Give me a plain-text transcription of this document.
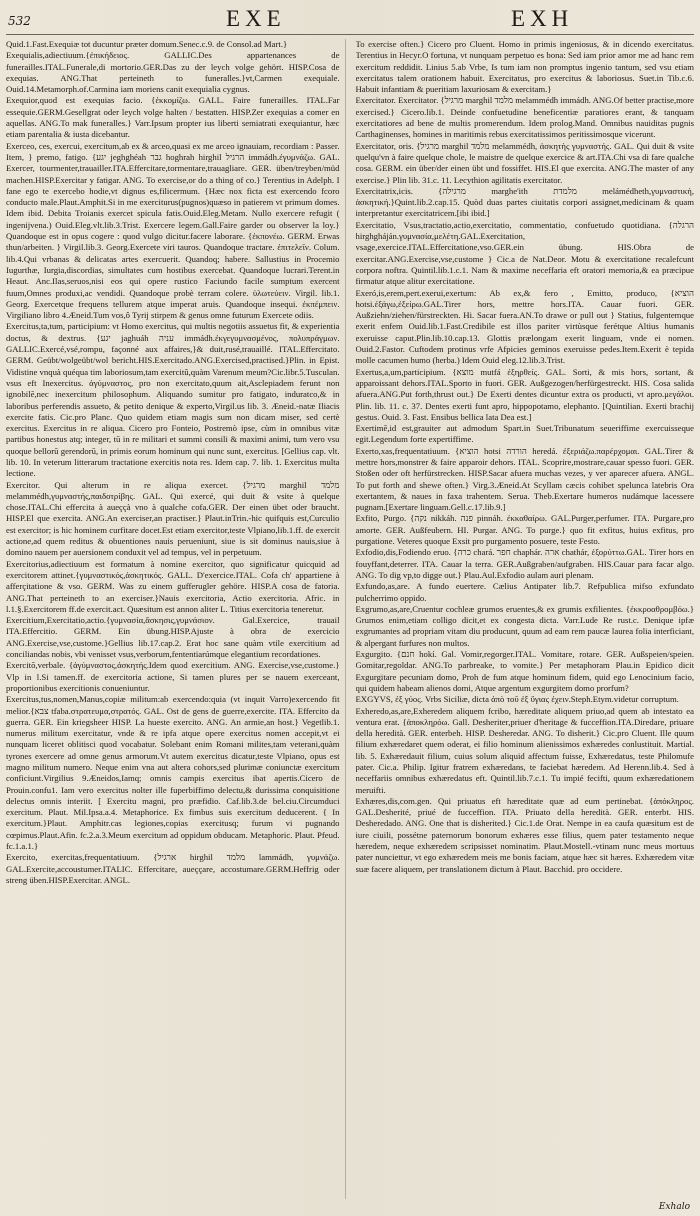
532	EXE	EXH

Quid.1.Fast.Exequiæ tot ducuntur præter domum.Senec.c.9. de Consol.ad Mart.}

Exequialis,adiectiuum.{ἐπικήδειος. GALLIC.Des appartenances de funerailles.ITAL.Funerale,di mortorio.GER.Das zu der leych volge gehört. HISP.Cosa de exequias. ANG.That perteineth to funeralles.}vt,Carmen exequiale. Ouid.14.Metamorph.of.Carmina iam moriens canit exequialia cygnus.

Exequior,quod est exequias facio. {ἐκκομίζω. GALL. Faire funerailles. ITAL.Far essequie.GERM.Gesellgrat oder leych volge halten / bestatten. HISP.Zer exequias a comer en aquellas. ANG.To mak funeralles.} Varr.Ipsum propter ius liberti semiatrati exequiantur, hæc etiam parentalia & iusta dicebantur.

Exerceo, ces, exercui, exercitum,ab ex & arceo,quasi ex me arceo ignauiam, recordiam : Passer. Item, } premo, fatigo. {יגע jeghghéah גבר hoghrah hirghil הרגיל immádh.ἐγυμνάζω. GAL. Exercer, tourmenter,trauailler.ITA.Effercitare,tormentare,trauagliare. GER. üben/treyben/müd machen.HISP.Exercitar y fatigar. ANG. To exercise,or do a thing of co.} Terentius in Adelph. I fane ego te exercebo hodie,vt dignus es,filicermum. {Hæc nox ficta est exercendo fcoro conducto male.Plaut.Amphit.Si in me exerciturus(pugnos)quæso in patierem vt primum domes. Idem ibid. Debita Troianis exercet spicula fatis.Ouid.Eleg.Metam. Nullo exercere refugit ( ingenijvena.) Ouid.Eleg.vlt.lib.3.Trist. Exercere legem.Gall.Faire garder ou observer la loy.} Quandoque est in opus cogere : quod vulgo dicitur.facere laborare. {ἐκπονέω. GERM. Erwas thun/arbeiten. } Virgil.lib.3. Georg.Exercete viri tauros. Quandoque tractare. ἐπιτελεῖν. Colum. lib.4.Qui vrbanas & delicatas artes exercuerit. Quandoq; habere. Sallustius in Procemio Iugurthæ, Iurgia,discordias, simultates cum hostibus exercebat. Quandoque lucrari.Terent.in Heaut. Anc.Ilas,seruos,nisi eos qui opere rustico Faciundo facile sumptum exercent fuum,Omnes produxi,ac vendidi. Quandoque probè terram colere. ὑλωτεύειν. Virgil. lib.1. Georg. Exercetque frequens tellurem atque imperat aruis. Quandoque insequi. ἐκπέμπειν. Virgiliano libro 4.Æneid.Tum vos,ô Tyrij stirpem & genus omne futurum Exercete odiis.

Exercitus,ta,tum, participium: vt Homo exercitus, qui multis negotiis assuetus fit, & experientia doctus, & dextrus. {יגע jaghuáh עניה immádh.ἐκγεγυμνασμένος, πολυπράγμων. GALLIC.Exercé,vsé,rompu, façonné aux affaires,}& duit,rusé,trauaillé. ITAL.Effercitato. GERM. Geübt/wolgeübt/wol bericht.HIS.Exercitado.ANG.Exercised,practised.}Plin. in Epist. Vidistine vnquà quéqua tim laboriosum,tam exercitû,quàm Varenum meum?Cic.libr.5.Tusculan. vsus eft Inexercitus. ἀγύμναστος, pro non exercitato,quum ait,Asclepiadem ferunt non ignobilē,nec inexercitum philosophum. Aliquando sumitur pro fatigato, induratco,& in laboribus perferendis assueto, & petito denique & experto,Virgil.us lib. 3. Æneid.-natæ Iliacis exercite fatis. Cic.pro Planc. Quo quidem etiam magis sum non dicam miser, sed certè exercitus. Exercitus in re aliqua. Cicero pro Fonteio, Postremò ipse, cùm in omnibus vitæ partibus honestus atq; integer, tū in re militari et summi consili & maximi animi, tum vero vsu quoque bellorū gerendorū, in primis eorum hominum qui nunc sunt, exercitus. [Gellius cap. vlt. lib. 10. In veterum litterarum tractatione exercitis nota res. Idem cap. 7. lib. 1. Exercitus multa lectione.

Exercitor. Qui alterum in re aliqua exercet. {מרגיל marghil מלמד melammédh,γυμναστής,παιδοτρίβης. GAL. Qui exercé, qui duit & vsite à quelque chose.ITAL.Chi effercita à aueççà vno à qualche cofa.GER. Der einen übet oder braucht. HISP.El que exercita. ANG.An exerciser,an practiser.} Plaut.inTrin.-hic quifquis est,Curculio est exercitor; is hic hominem curfitare docet.Est etiam exercitor,teste Vlpiano,lib.1.ff. de exercit actione,ad quem reditus & obuentiones nauis perueniunt, siue is sit dominus nauis,siue à domino nauem per auersionem conduxit vel ad tempus, vel in perpetuum.

Exercitorius,adiectiuum est formatum à nomine exercitor, quo significatur quicquid ad exercitorem attinet.{γυμναστικός,ἀσκητικός. GALL. D'exercice.ITAL. Cofa ch' appartiene à afferçitatione & vso. GERM. Was zu einem gufferugler gehöre. HISP.A cosa de fatoria. ANG.That perteineth to an exerciser.}Nauis exercitoria, Actio exercitoria. Afric. in l.1.§.Exercitorem ff.de exercit.act. Quæsitum est annon aliter L. Titius exercitoria teneretur.

Exercitium,Exercitatio,actio.{γυμνασία,ἄσκησις,γυμνάσιον. Gal.Exercice, trauail ITA.Effercitio. GERM. Ein übung.HISP.Ajuste à obra de exercicio ANG.Exercise,vse,custome.}Gellius lib.17.cap.2. Erat hoc sane quàm vtile exercitium ad conciliandas nobis, vbi venisset vsus,verborum,fententiarúmque elegantium recordationes.

Exercitō,verbale. {ἀγύμναστος,ἀσκητής.Idem quod exercitium. ANG. Exercise,vse,custome.} Vlp in l.Si tamen.ff. de exercitoria actione, Si tamen plures per se nauem exerceant, proportionibus exercitionis conueniuntur.

Exercitus,tus,nomen,Manus,copiæ militum:ab exercendo:quia (vt inquit Varro)exercendo fit melior.{צבא tfaba.στρατευμα,στρατός. GAL. Ost de gens de guerre,exercite. ITA. Effercito da guerra. GER. Ein kriegsheer HISP. La hueste exercito. ANG. An armie,an host.} Vegetlib.1. numerus militum exercitatur, vnde & re ipfa atque opere exercitus nomen accepit,vt ei nunquam liceret oblitisci quod vocabatur. Solebant enim Romani milites,tam veterani,quàm tyrones exercere ad omne genus armorum.Vt autem exercitus dicatur,teste Vlpiano, opus est magno militum numero. Neque enim vna aut altera cohors,sed plurimæ coniunctæ exercitum conficiunt.Virgilius 9.Æneidos,Iamq; omnis campis exercitus ibat apertis.Cicero de Prouin.confu1. Iam vero exercitus nolter ille fuperbiffimo delectu,& durissima conquisitione delectus omnis interiit. [ Exercitu magni, pro præfidio. Caf.lib.3.de bel.ciu.Circumduci exercitum. Plaut. Mil.Ipsa.a.4. Metaphorice. Ex fimbus suis exercitum deducerent. { In exercitum.}Plaut. Amphitr.cas legiones,copias exercitusq; furum vi pugnando cœpimus.Plaut.Afin. fc.2.a.3.Meum exercitum ad oppidum obducam. Metaphoric. Plaut. Pfeud. fc.1.a.1.}

Exercito, exercitas,frequentatiuum. {ארגיל hirghil מלמד lammádh, γυμνάζω. GAL.Exercite,accoustumer.ITALIC. Effercitare, aueççare, accostumare.GERM.Heffrig oder streng üben.HISP.Exercitar. ANGL.

To exercise often.} Cicero pro Cluent. Homo in primis ingeniosus, & in dicendo exercitatus. Terentius in Hecyr.O fortuna, vt nunquam perpetuo es bona: Sed iam prior amor me ad hanc rem exercitum reddidit. Linius 5.ab Vrbe, Is tum iam non promptus ingenio tantum, sed vsu etiam exercitatus talem orationem habuit. Exercitatus, pro exercitus & laboriosus. Suet.in Tib.c.6. Habuit infantiam & pueritiam laxuriosam & exercitam.}

Exercitator. Exercitator. {מרגיל marghil מלמד melammédh immádh. ANG.Of better practise,more exercised.} Cicero.lib.1. Deinde confuetudine beneficentiæ paratiores erant, & tanquam exercitatiores ad bene de multis promerendum. Idem prolog.Mand. Omnibus nauiditas pugnis Carthaginenses, homines in maritimis rebus exercitatissimos peritissimosque vicerunt.

Exercitator, oris. {מרגיל marghil מלמד melammédh, ἀσκητὴς γυμναστής. GAL. Qui duit & vsite quelqu'vn à faire quelque chole, le maistre de quelque exercice & art.ITA.Chi vsa di fare qualche cosa. GERM. ein über/der einen übt und fossiffet. HIS.El que exercita. ANG.The master of any exercise.} Plin lib. 31.c. 11. Lecythion agilitatis exercitator.

Exercitatrix,icis. {מרגילה marghe'ith מלמדת melámédheth,γυμναστική, ἀσκητική.}Quint.lib.2.cap.15. Quòd duas partes ciuitatis corpori assignet,medicinam & quam interpretantur exercitatricem.[ibi ibid.]

Exercitatio, Vsus,tractatio,actio,exercitatio, commentatio, confuetudo quotidiana. {הרגלה hirghgháján.γυμνασία,μελέτη.GAL.Exercitation, vsage,exercice.ITAL.Effercitatione,vso.GER.ein übung. HIS.Obra de exercitar.ANG.Exercise,vse,custome } Cic.a de Nat.Deor. Motu & exercitatione recalefcunt corpora noftra. Quintil.lib.1.c.1. Nam & maxime neceffaria eft oratori memoria,& ea præcipue firmatur atque alitur exercitatione.

Exeró,is,erem,pert.exerui,exertum: Ab ex,& fero , Emitto, produco, {הוציא hotsi.ἐξάγω,ἐξείρω.GAL.Tirer hors, mettre hors.ITA. Cauar fuori. GER. Außziehn/ziehen/fürstreckten. Hi. Sacar fuera.AN.To drawe or pull out } Statius, fulgentemque exerit enfem Ouid.lib.1.Fast.Credibile est illos pariter virtùsque ferétque Altius humanis exeruisse caput.Plin.lib.10.cap.13. Glottis prælongam exerit linguam, vnde ei nomen. Ouid.2.Fastor. Cuftodem protinus vrfe Afpicies geminos exeruisse pedes.Item.Exerit è tepida molle cacumen humo (herba.) Idem Ouid eleg.12.lib.3.Trist.

Exertus,a,um,participium. {מוצא mutfá ἐξηρθείς. GAL. Sorti, & mis hors, sortant, & apparoissant dehors.ITAL.Sporto in fuori. GER. Außgezogen/herfürgestreckt. HIS. Cosa salida afuera.ANG.Put forth,thrust out.} De Exerti dentes dicuntur extra os producti, vt apro.μεγάλοι. Plin. lib. 11. c. 37. Dentes exerti funt apro, hippopotamo, elephanto. [Quintilian. Exerti brachij gestus. Ouid. 3. Fast. Ensibus bellica lata Dea est.]

Exertimē,id est,grauiter aut admodum Spart.in Suet.Tribunatum seueriffime exercuisseque egit.Legendum forte expertiffime.

Exerto,xas,frequentatiuum. {הוציא hotsi הורדה heredá. ἐξεριάζω.παρέρχομαι. GAL.Tirer & mettre hors,monstrer & faire apparoir dehors. ITAL. Scoprire,mostrare,cauar spesso fuori. GER. Stoßen oder oft herfürstrecken. HISP.Sacar afuera muchas vezes, y ver aparecer afuera. ANGL. To put forth and shewe often.} Virg.3.Æneid.At Scyllam cæcis cohibet spelunca latebris Ora exertantem, & naues in faxa trahentem. Serua. Theb.Exertare humeros nudámque lacessere pugnam.[Exertare linguam.Gell.c.17.lib.9.]

Exfito, Purgo. {נקה nikkáh. פנה pinnáh. ἐκκαθαίρω. GAL.Purger,perfumer. ITA. Purgare,pro amorte. GER. Außfeubern. HI. Purgar. ANG. To purge.} quo fit exfitus, huius exfitus, pro purgatione. Veteres quoque Exsit pro purgamento posuere, teste Festo.

Exfodio,dis,Fodiendo eruo. {כרה chará. חפר chaphár. ארה chathár, ἐξορύττω.GAL. Tirer hors en fouyffant,deterrer. ITA. Cauar la terra. GER.Außgraben/aufgraben. HIS.Cauar para facar algo. ANG. To dig vp,to digge out.} Plau.Aul.Exfodio aulam auri plenam.

Exfundo,as,are. A fundo euertere. Cælius Antipater lib.7. Refpublica mifso exfundato pulcherrimo oppido.

Exgrumo,as,are,Cruentur cochleæ grumos eruentes,& ex grumis exfilientes. {ἐκκροαθρομβόω.} Grumos enim,etiam colligo dicit,et ex congesta dicta. Varr.Lude Re rust.c. Denique ipfæ exgrumantes ad propriam vitam diu producunt, quum ad eam rem paucæ laurea folia interficiant, & alpergant furfures non multos.

Exgurgito. {חנם hokí. Gal. Vomir,regorger.ITAL. Vomitare, rotare. GER. Außspeien/speien. Gomitar,regoldar. ANG.To parbreake, to vomite.} Per metaphoram Plau.in Epidico dicit Exgurgitare pecuniam domo, Proh de fum atque hominum fidem, quid ego Lenocinium facio, qui quidem habeam alienos domi, Atque argentum exgurgitem domo prorfum?

EXGYVS, ἐξ γύος. Vrbs Siciliæ, dicta ἀπὸ τοῦ ἐξ ὕγιας ἐχειν.Steph.Etym.videtur corruptum.

Exheredo,as,are,Exheredem aliquem fcribo, hæreditate aliquem priuo,ad quem ab intestato ea ventura erat. {ἀποκληρόω. Gall. Desheriter,priuer d'heritage & fucceffion.ITA.Diredare, priuare della heredità. GER. enterbeh. HISP. Desheredar. ANG. To disherit.} Cic.pro Cluent. Ille quum filium exhæredaret quem oderat, ei filio hominum alienissimos exhæredes conlustituit. Martial. lib. 5. Exhæredauit filium, cuius solum aliquid affectum fuisse, Exhæredatus, teste Philomufe pater. Cic.a. Philip. Igitur fratrem exhæredans, te faciebat hæredem. Ad Herenn.lib.4. Sed à neceffariis omnibus exhæredatus eft. Quintil.lib.7.c.1. Tu impié fecifti, quum exhæredationem meruifti.

Exhæres,dis,com.gen. Qui priuatus eft hæreditate quæ ad eum pertinebat. {ἀπόκληρος. GAL.Desherité, priué de fucceffion. ITA. Priuato della heredità. GER. enterbt. HIS. Desheredado. ANG. One that is disherited.} Cic.1.de Orat. Nempe in ea caufa quæsitum est de iure ciuili, possétne paternorum bonorum exhæres esse filius, quem pater testamento neque hæredem, neque exhæredem scripsisset nominatim. Plaut.Mostell.-vtinam nunc meus mortuus pater nunciettur, vt ego exhæredem meis me bonis faciam, atque hæc sit hæres. Exhæredem vitæ suæ facere aliquem, per translationem dictum à Plaut. Bacchid. pro occidere.

Exhalo
